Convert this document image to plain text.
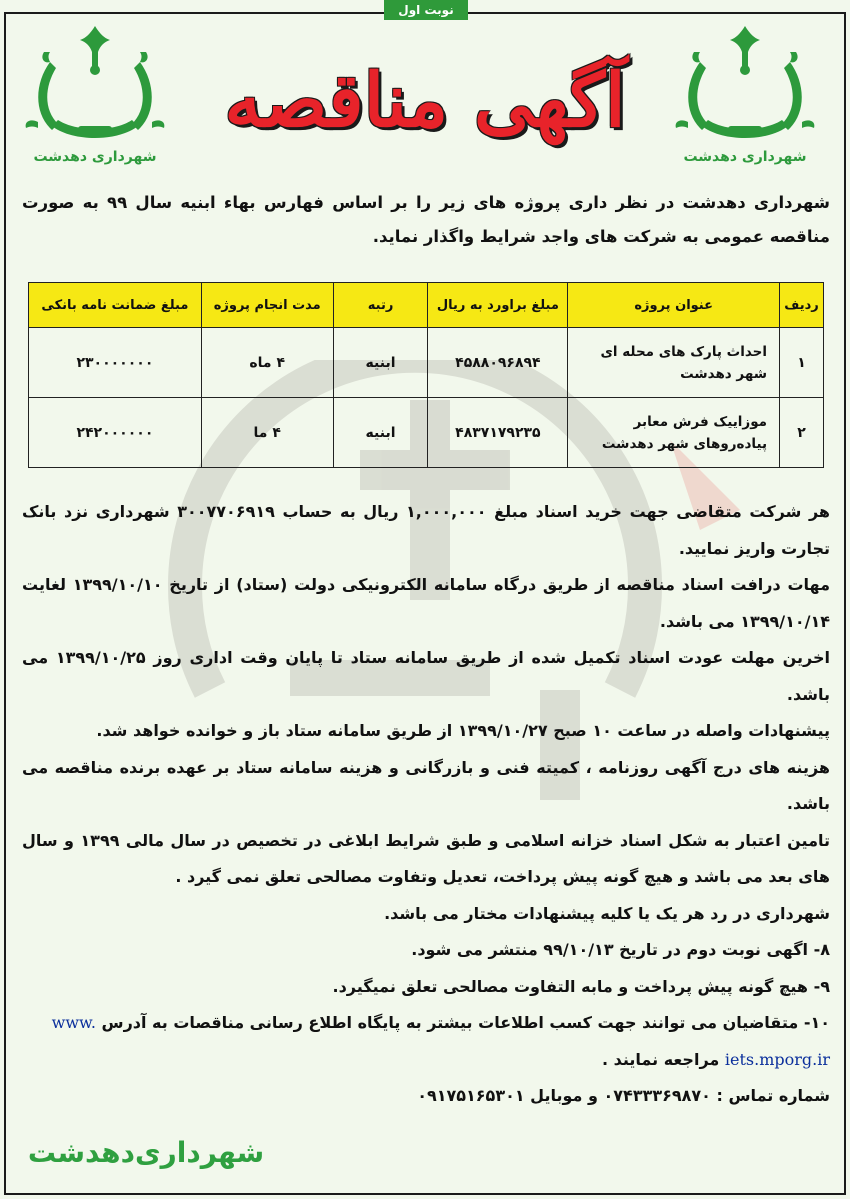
نوبت اول
شهرداری دهدشت	شهرداری دهدشت
آگهی مناقصه
شهرداری دهدشت در نظر داری پروژه های زیر را بر اساس فهارس بهاء ابنیه سال ۹۹ به صورت مناقصه عمومی به شرکت های واجد شرایط واگذار نماید.
ردیف	عنوان پروژه	مبلغ براورد به ریال	رتبه	مدت انجام پروژه	مبلغ ضمانت نامه بانکی
۱	احداث پارک های محله ای شهر دهدشت	۴۵۸۸۰۹۶۸۹۴	ابنیه	۴ ماه	۲۳۰۰۰۰۰۰۰
۲	موزاییک فرش معابر پیاده‌روهای شهر دهدشت	۴۸۳۷۱۷۹۲۳۵	ابنیه	۴ ما	۲۴۲۰۰۰۰۰۰

هر شرکت متقاضی جهت خرید اسناد مبلغ ۱,۰۰۰,۰۰۰ ریال به حساب ۳۰۰۷۷۰۶۹۱۹ شهرداری نزد بانک تجارت واریز نمایید.

مهات درافت اسناد مناقصه از طریق درگاه سامانه الکترونیکی دولت (ستاد) از تاریخ ۱۳۹۹/۱۰/۱۰ لغایت ۱۳۹۹/۱۰/۱۴ می باشد.

اخرین مهلت عودت اسناد تکمیل شده از طریق سامانه ستاد تا پایان وقت اداری روز ۱۳۹۹/۱۰/۲۵ می باشد.

پیشنهادات واصله در ساعت ۱۰ صبح ۱۳۹۹/۱۰/۲۷ از طریق سامانه ستاد باز و خوانده خواهد شد.

هزینه های درج آگهی روزنامه ، کمیته فنی و بازرگانی و هزینه سامانه ستاد بر عهده برنده مناقصه می باشد.

تامین اعتبار به شکل اسناد خزانه اسلامی و طبق شرایط ابلاغی در تخصیص در سال مالی ۱۳۹۹ و سال های بعد می باشد و هیچ گونه پیش پرداخت، تعدیل وتفاوت مصالحی تعلق نمی گیرد .

شهرداری در رد هر یک یا کلیه پیشنهادات مختار می باشد.

۸- اگهی نوبت دوم در تاریخ ۹۹/۱۰/۱۳ منتشر می شود.

۹- هیچ گونه پیش پرداخت و مابه التفاوت مصالحی تعلق نمیگیرد.

۱۰- متقاضیان می توانند جهت کسب اطلاعات بیشتر به پایگاه اطلاع رسانی مناقصات به آدرس www.
iets.mporg.ir مراجعه نمایند .

شماره تماس : ۰۷۴۳۳۳۶۹۸۷۰ و موبایل ۰۹۱۷۵۱۶۵۳۰۱

شهرداری‌دهدشت
